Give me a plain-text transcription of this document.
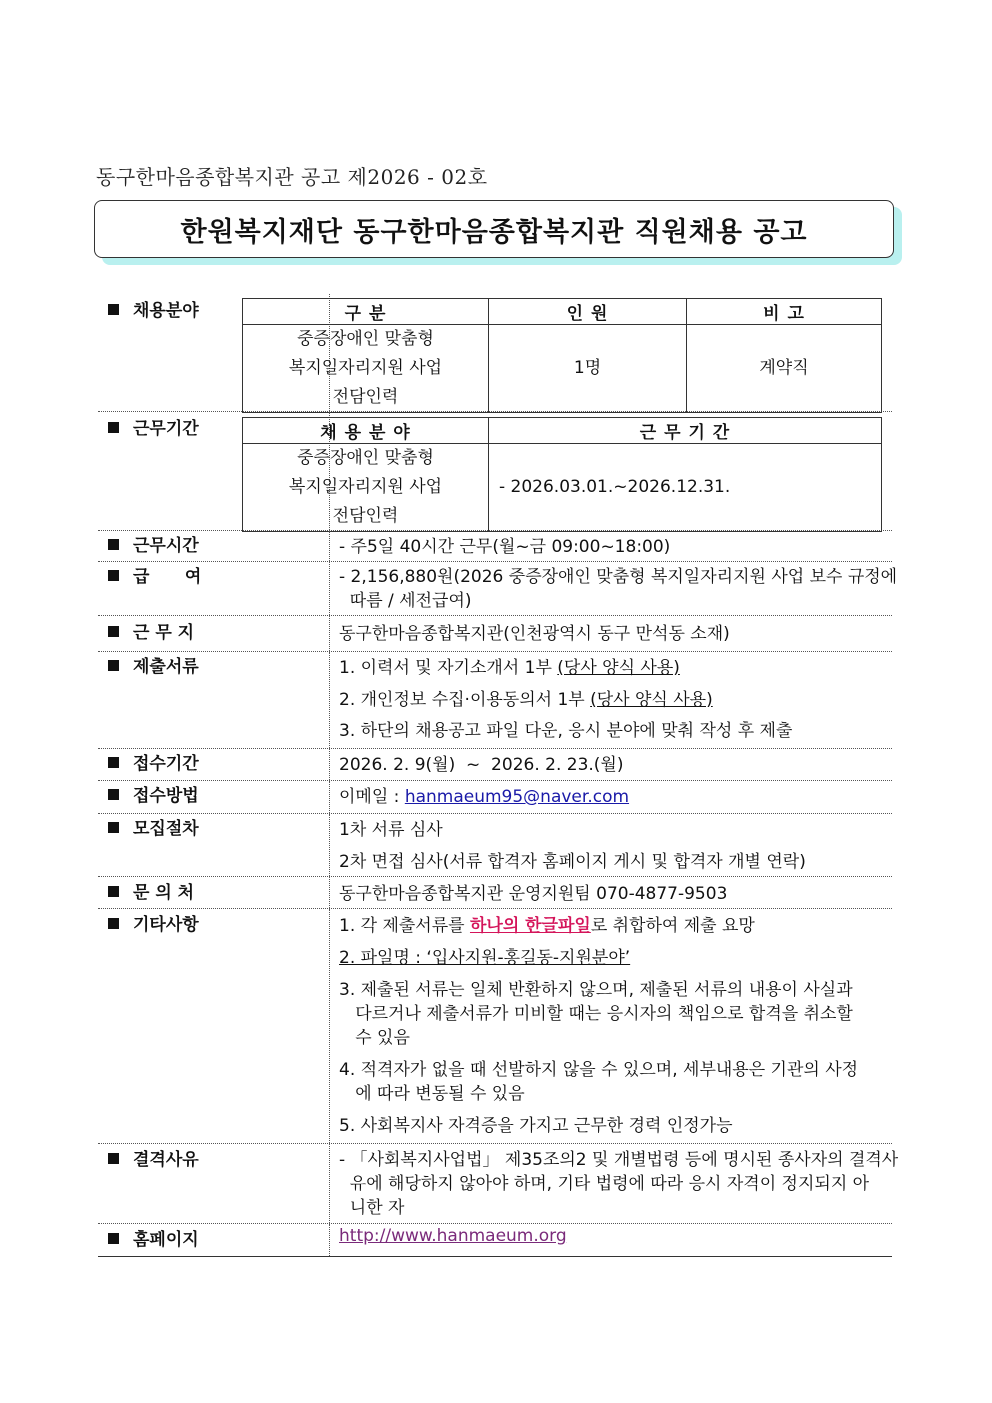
동구한마음종합복지관 공고 제2026 - 02호
한원복지재단 동구한마음종합복지관 직원채용 공고
채용분야	구 분	인 원	비 고

중증장애인 맞춤형
복지일자리지원 사업
전담인력	1명	계약직
근무기간	채 용 분 야	근 무 기 간

중증장애인 맞춤형
복지일자리지원 사업
전담인력	- 2026.03.01.~2026.12.31.
근무시간	- 주5일 40시간 근무(월~금 09:00~18:00)
급      여	- 2,156,880원(2026 중증장애인 맞춤형 복지일자리지원 사업 보수 규정에
따름 / 세전급여)
근 무 지	동구한마음종합복지관(인천광역시 동구 만석동 소재)
제출서류	1. 이력서 및 자기소개서 1부 (당사 양식 사용)
2. 개인정보 수집·이용동의서 1부 (당사 양식 사용)
3. 하단의 채용공고 파일 다운, 응시 분야에 맞춰 작성 후 제출
접수기간	2026. 2. 9(월)  ~  2026. 2. 23.(월)
접수방법	이메일 : hanmaeum95@naver.com
모집절차	1차 서류 심사
2차 면접 심사(서류 합격자 홈페이지 게시 및 합격자 개별 연락)
문 의 처	동구한마음종합복지관 운영지원팀 070-4877-9503
기타사항	1. 각 제출서류를 하나의 한글파일로 취합하여 제출 요망
2. 파일명 : ‘입사지원-홍길동-지원분야’
3. 제출된 서류는 일체 반환하지 않으며, 제출된 서류의 내용이 사실과
다르거나 제출서류가 미비할 때는 응시자의 책임으로 합격을 취소할
수 있음
4. 적격자가 없을 때 선발하지 않을 수 있으며, 세부내용은 기관의 사정
에 따라 변동될 수 있음
5. 사회복지사 자격증을 가지고 근무한 경력 인정가능
결격사유	- 「사회복지사업법」 제35조의2 및 개별법령 등에 명시된 종사자의 결격사
유에 해당하지 않아야 하며, 기타 법령에 따라 응시 자격이 정지되지 아
니한 자
홈페이지	http://www.hanmaeum.org
